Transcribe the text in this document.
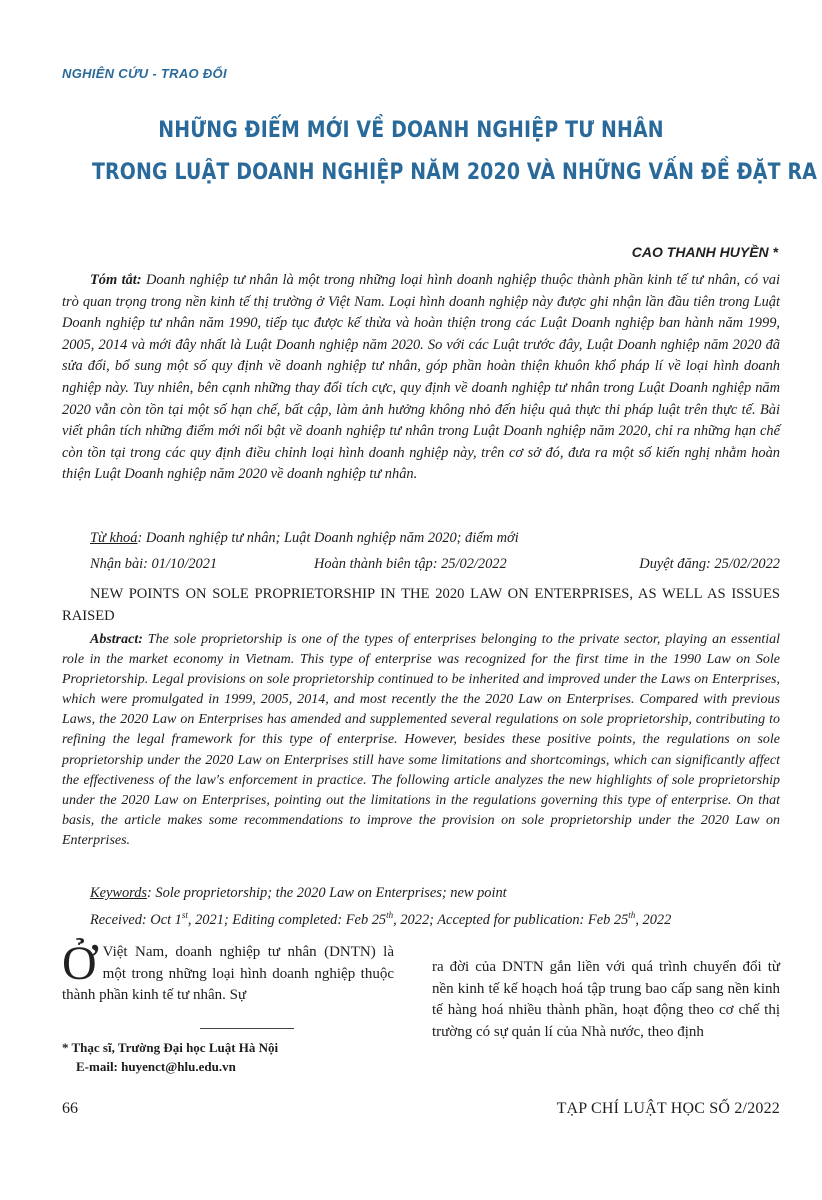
NGHIÊN CỨU - TRAO ĐỔI
NHỮNG ĐIỂM MỚI VỀ DOANH NGHIỆP TƯ NHÂN
TRONG LUẬT DOANH NGHIỆP NĂM 2020 VÀ NHỮNG VẤN ĐỀ ĐẶT RA
CAO THANH HUYỀN *

Tóm tắt: Doanh nghiệp tư nhân là một trong những loại hình doanh nghiệp thuộc thành phần kinh tế tư nhân, có vai trò quan trọng trong nền kinh tế thị trường ở Việt Nam. Loại hình doanh nghiệp này được ghi nhận lần đầu tiên trong Luật Doanh nghiệp tư nhân năm 1990, tiếp tục được kế thừa và hoàn thiện trong các Luật Doanh nghiệp ban hành năm 1999, 2005, 2014 và mới đây nhất là Luật Doanh nghiệp năm 2020. So với các Luật trước đây, Luật Doanh nghiệp năm 2020 đã sửa đổi, bổ sung một số quy định về doanh nghiệp tư nhân, góp phần hoàn thiện khuôn khổ pháp lí về loại hình doanh nghiệp này. Tuy nhiên, bên cạnh những thay đổi tích cực, quy định về doanh nghiệp tư nhân trong Luật Doanh nghiệp năm 2020 vẫn còn tồn tại một số hạn chế, bất cập, làm ảnh hưởng không nhỏ đến hiệu quả thực thi pháp luật trên thực tế. Bài viết phân tích những điểm mới nổi bật về doanh nghiệp tư nhân trong Luật Doanh nghiệp năm 2020, chỉ ra những hạn chế còn tồn tại trong các quy định điều chỉnh loại hình doanh nghiệp này, trên cơ sở đó, đưa ra một số kiến nghị nhằm hoàn thiện Luật Doanh nghiệp năm 2020 về doanh nghiệp tư nhân.

Từ khoá: Doanh nghiệp tư nhân; Luật Doanh nghiệp năm 2020; điểm mới
Nhận bài: 01/10/2021	Hoàn thành biên tập: 25/02/2022	Duyệt đăng: 25/02/2022

NEW POINTS ON SOLE PROPRIETORSHIP IN THE 2020 LAW ON ENTERPRISES, AS WELL AS ISSUES RAISED

Abstract: The sole proprietorship is one of the types of enterprises belonging to the private sector, playing an essential role in the market economy in Vietnam. This type of enterprise was recognized for the first time in the 1990 Law on Sole Proprietorship. Legal provisions on sole proprietorship continued to be inherited and improved under the Laws on Enterprises, which were promulgated in 1999, 2005, 2014, and most recently the the 2020 Law on Enterprises. Compared with previous Laws, the 2020 Law on Enterprises has amended and supplemented several regulations on sole proprietorship, contributing to refining the legal framework for this type of enterprise. However, besides these positive points, the regulations on sole proprietorship under the 2020 Law on Enterprises still have some limitations and shortcomings, which can significantly affect the effectiveness of the law's enforcement in practice. The following article analyzes the new highlights of sole proprietorship under the 2020 Law on Enterprises, pointing out the limitations in the regulations governing this type of enterprise. On that basis, the article makes some recommendations to improve the provision on sole proprietorship under the 2020 Law on Enterprises.

Keywords: Sole proprietorship; the 2020 Law on Enterprises; new point
Received: Oct 1st, 2021; Editing completed: Feb 25th, 2022; Accepted for publication: Feb 25th, 2022

Ở Việt Nam, doanh nghiệp tư nhân (DNTN) là một trong những loại hình doanh nghiệp thuộc thành phần kinh tế tư nhân. Sự

ra đời của DNTN gắn liền với quá trình chuyển đổi từ nền kinh tế kế hoạch hoá tập trung bao cấp sang nền kinh tế hàng hoá nhiều thành phần, hoạt động theo cơ chế thị trường có sự quản lí của Nhà nước, theo định

* Thạc sĩ, Trường Đại học Luật Hà Nội
E-mail: huyenct@hlu.edu.vn
66	TẠP CHÍ LUẬT HỌC SỐ 2/2022
